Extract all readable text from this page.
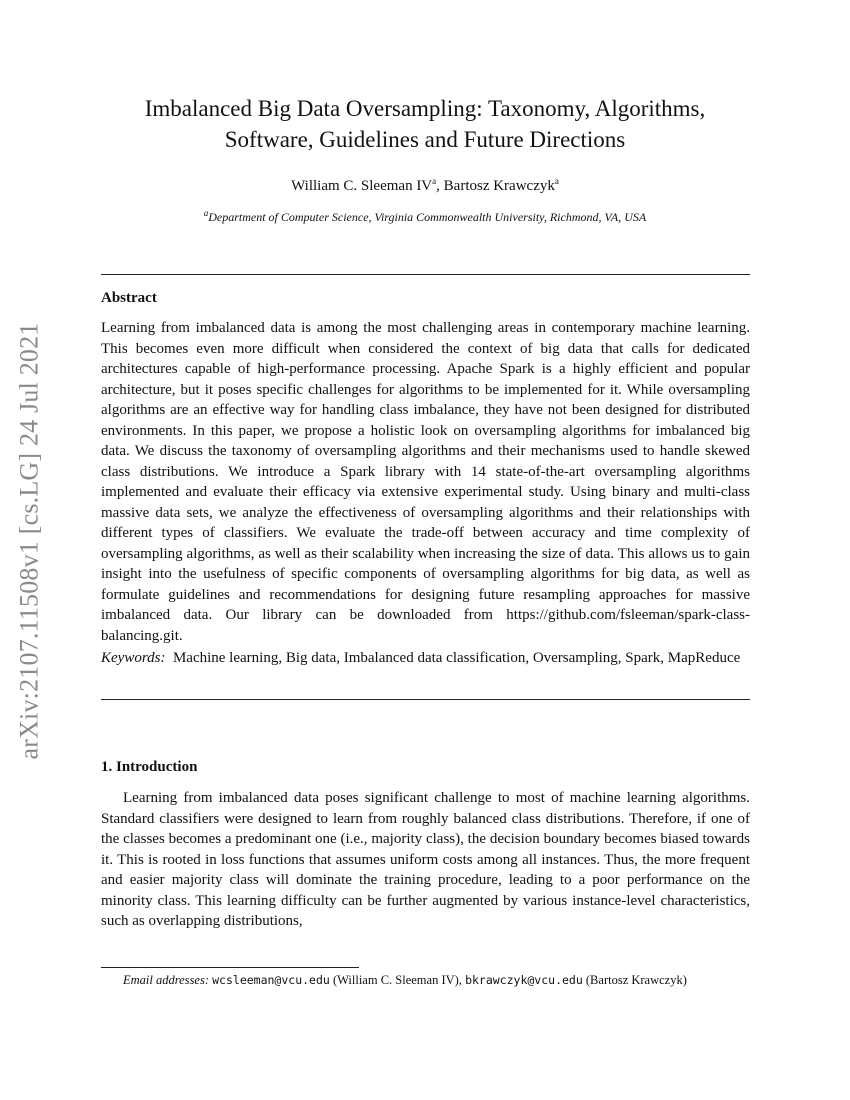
arXiv:2107.11508v1 [cs.LG] 24 Jul 2021
Imbalanced Big Data Oversampling: Taxonomy, Algorithms,
Software, Guidelines and Future Directions
William C. Sleeman $IV^a$, Bartosz Krawczyk$^a$
$^a$Department of Computer Science, Virginia Commonwealth University, Richmond, VA, USA
Abstract
Learning from imbalanced data is among the most challenging areas in contemporary machine learning. This becomes even more difficult when considered the context of big data that calls for dedicated architectures capable of high-performance processing. Apache Spark is a highly efficient and popular architecture, but it poses specific challenges for algorithms to be implemented for it. While oversampling algorithms are an effective way for handling class imbalance, they have not been designed for distributed environments. In this paper, we propose a holistic look on oversampling algorithms for imbalanced big data. We discuss the taxonomy of oversampling algorithms and their mechanisms used to handle skewed class distributions. We introduce a Spark library with 14 state-of-the-art oversampling algorithms implemented and evaluate their efficacy via extensive experimental study. Using binary and multi-class massive data sets, we analyze the effectiveness of oversampling algorithms and their relationships with different types of classifiers. We evaluate the trade-off between accuracy and time complexity of oversampling algorithms, as well as their scalability when increasing the size of data. This allows us to gain insight into the usefulness of specific components of oversampling algorithms for big data, as well as formulate guidelines and recommendations for designing future resampling approaches for massive imbalanced data. Our library can be downloaded from https://github.com/fsleeman/spark-class-balancing.git.
Keywords: Machine learning, Big data, Imbalanced data classification, Oversampling, Spark, MapReduce
1. Introduction
Learning from imbalanced data poses significant challenge to most of machine learning algorithms. Standard classifiers were designed to learn from roughly balanced class distributions. Therefore, if one of the classes becomes a predominant one (i.e., majority class), the decision boundary becomes biased towards it. This is rooted in loss functions that assumes uniform costs among all instances. Thus, the more frequent and easier majority class will dominate the training procedure, leading to a poor performance on the minority class. This learning difficulty can be further augmented by various instance-level characteristics, such as overlapping distributions,
Email addresses: wcsleeman@vcu.edu (William C. Sleeman IV), bkrawczyk@vcu.edu (Bartosz Krawczyk)
